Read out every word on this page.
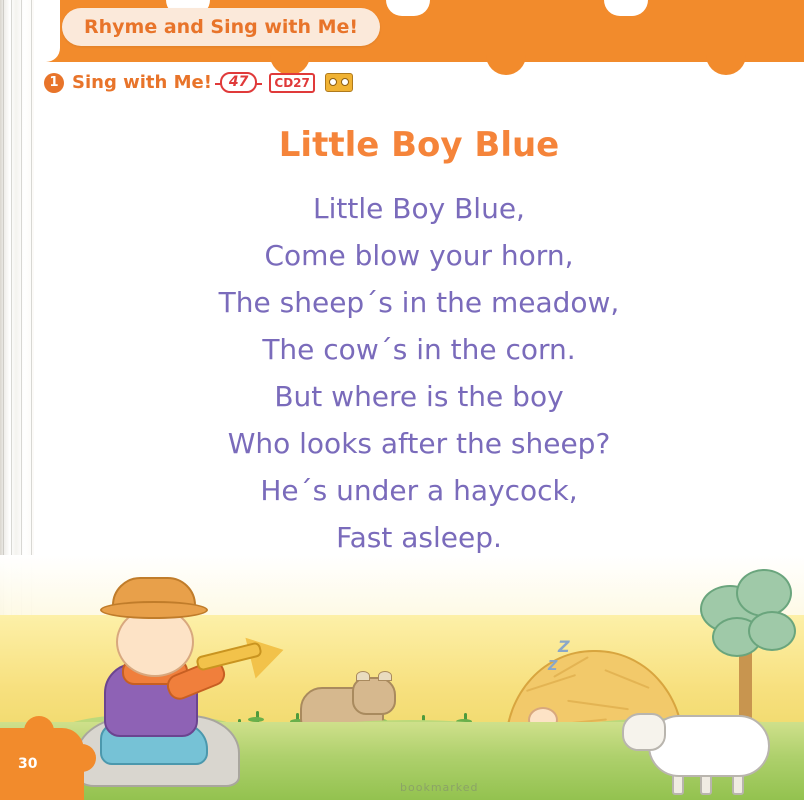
Rhyme and Sing with Me!
1 Sing with Me!	47	CD27
Little Boy Blue
Little Boy Blue,
Come blow your horn,
The sheep´s in the meadow,
The cow´s in the corn.
But where is the boy
Who looks after the sheep?
He´s under a haycock,
Fast asleep.
Z
Z
30
bookmarked
